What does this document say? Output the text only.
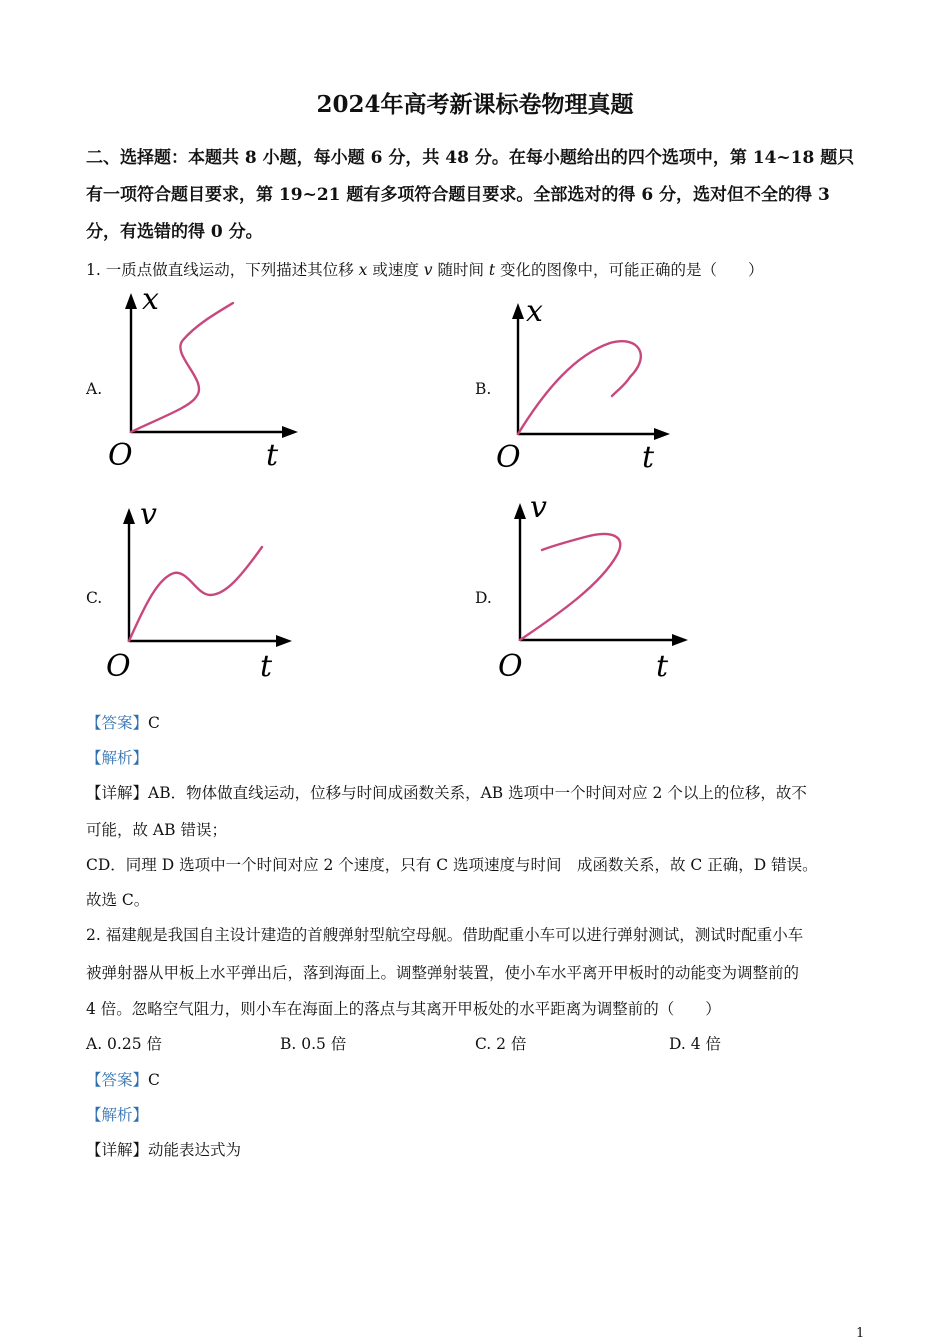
2024年高考新课标卷物理真题
二、选择题：本题共 8 小题，每小题 6 分，共 48 分。在每小题给出的四个选项中，第 14~18 题只有一项符合题目要求，第 19~21 题有多项符合题目要求。全部选对的得 6 分，选对但不全的得 3 分，有选错的得 0 分。
1. 一质点做直线运动，下列描述其位移 x 或速度 v 随时间 t 变化的图像中，可能正确的是（　　）
A.
x
O	t
B.
x
O	t
C.
v
O	t
D.
v
O	t
【答案】C
【解析】
【详解】AB．物体做直线运动，位移与时间成函数关系，AB 选项中一个时间对应 2 个以上的位移，故不
可能，故 AB 错误；
CD．同理 D 选项中一个时间对应 2 个速度，只有 C 选项速度与时间　成函数关系，故 C 正确，D 错误。
故选 C。
2. 福建舰是我国自主设计建造的首艘弹射型航空母舰。借助配重小车可以进行弹射测试，测试时配重小车
被弹射器从甲板上水平弹出后，落到海面上。调整弹射装置，使小车水平离开甲板时的动能变为调整前的
4 倍。忽略空气阻力，则小车在海面上的落点与其离开甲板处的水平距离为调整前的（　　）
A. 0.25 倍	B. 0.5 倍	C. 2 倍	D. 4 倍
【答案】C
【解析】
【详解】动能表达式为
1
